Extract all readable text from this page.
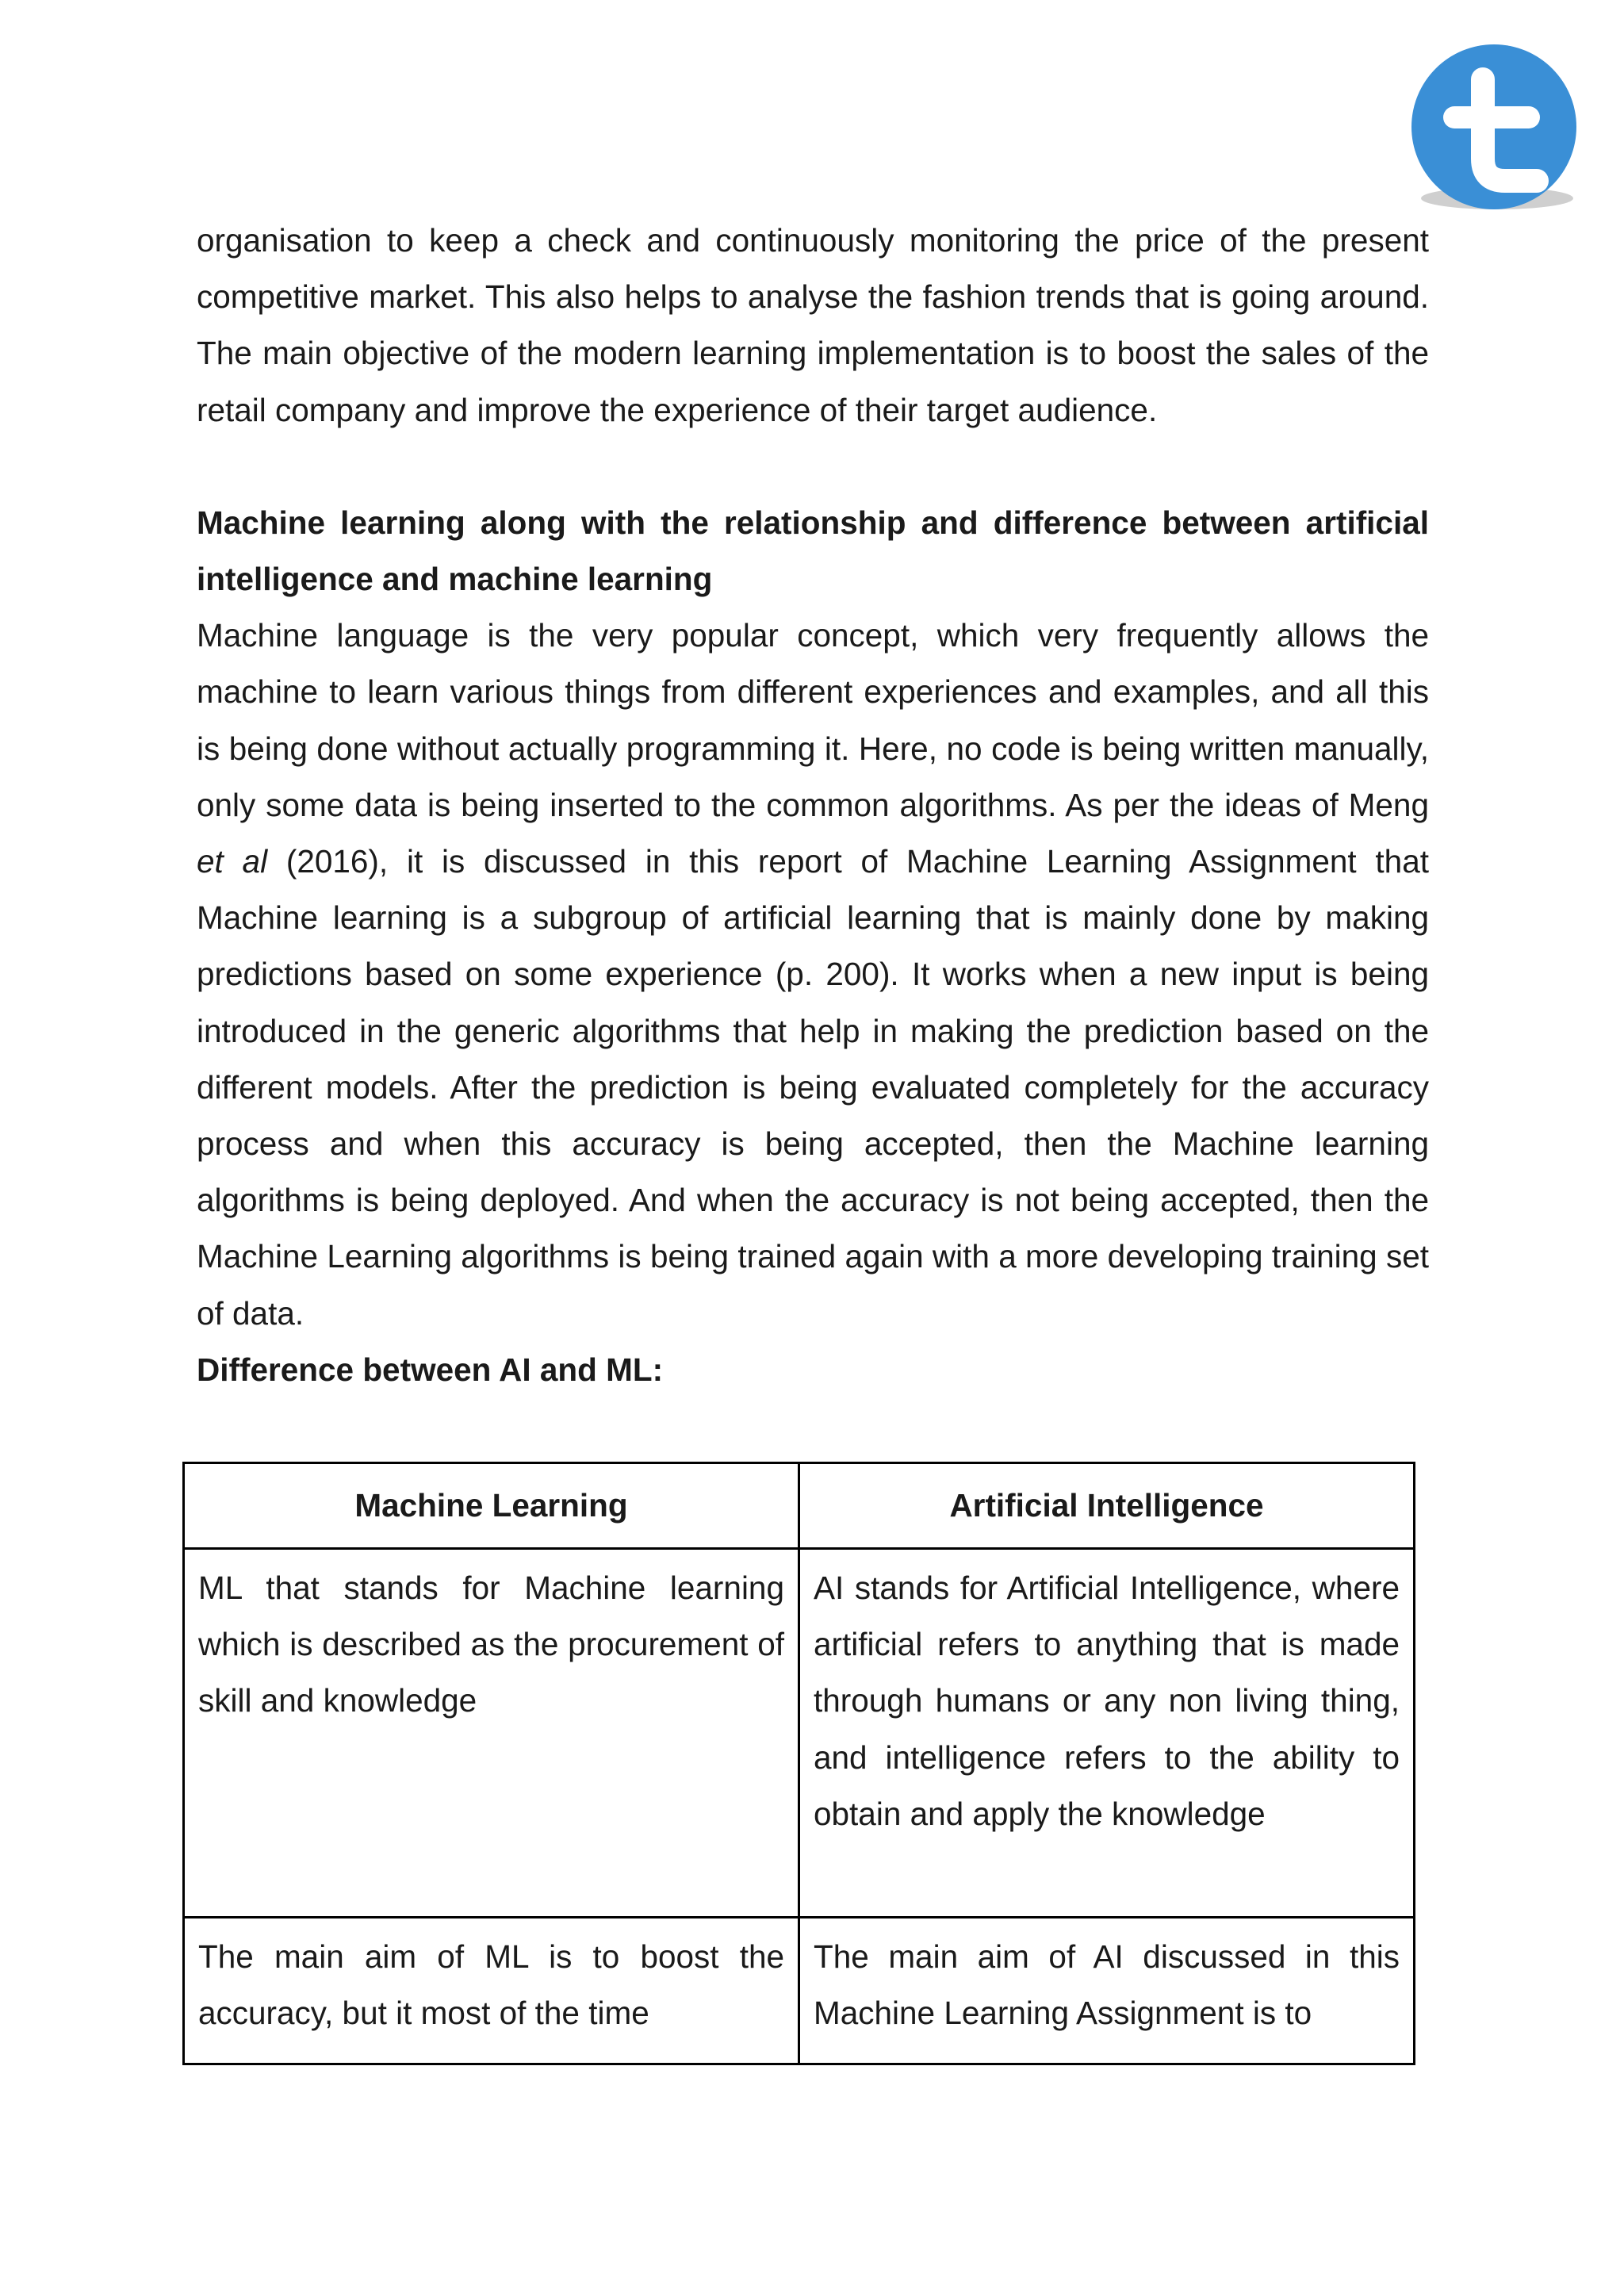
organisation to keep a check and continuously monitoring the price of the present competitive market. This also helps to analyse the fashion trends that is going around. The main objective of the modern learning implementation is to boost the sales of the retail company and improve the experience of their target audience.

Machine learning along with the relationship and difference between artificial intelligence and machine learning

Machine language is the very popular concept, which very frequently allows the machine to learn various things from different experiences and examples, and all this is being done without actually programming it. Here, no code is being written manually, only some data is being inserted to the common algorithms. As per the ideas of Meng et al (2016), it is discussed in this report of Machine Learning Assignment that Machine learning is a subgroup of artificial learning that is mainly done by making predictions based on some experience (p. 200). It works when a new input is being introduced in the generic algorithms that help in making the prediction based on the different models. After the prediction is being evaluated completely for the accuracy process and when this accuracy is being accepted, then the Machine learning algorithms is being deployed. And when the accuracy is not being accepted, then the Machine Learning algorithms is being trained again with a more developing training set of data.

Difference between AI and ML:

Machine Learning	Artificial Intelligence
ML that stands for Machine learning which is described as the procurement of skill and knowledge	AI stands for Artificial Intelligence, where artificial refers to anything that is made through humans or any non living thing, and intelligence refers to the ability to obtain and apply the knowledge
The main aim of ML is to boost the accuracy, but it most of the time	The main aim of AI discussed in this Machine Learning Assignment is to
